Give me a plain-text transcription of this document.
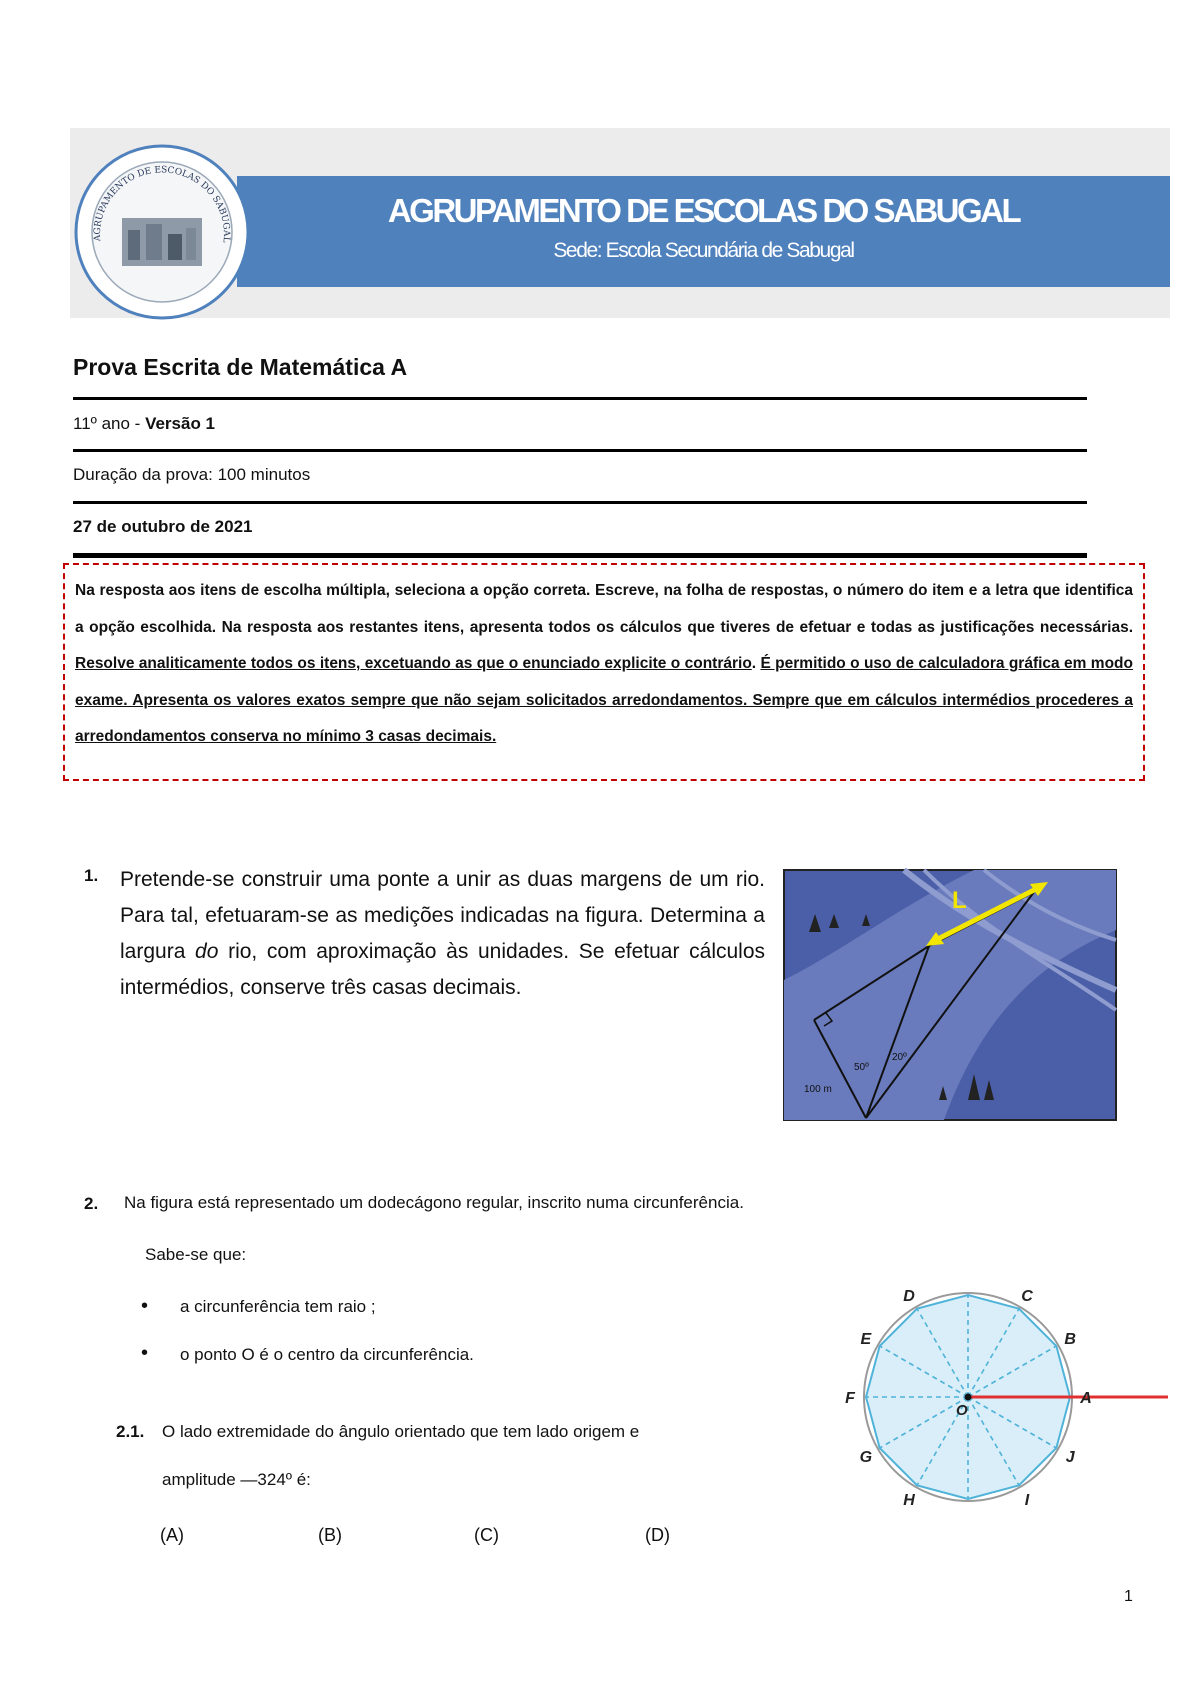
AGRUPAMENTO DE ESCOLAS DO SABUGAL
Sede: Escola Secundária de Sabugal
AGRUPAMENTO DE ESCOLAS DO SABUGAL
Prova Escrita de Matemática A
11º ano - Versão 1
Duração da prova: 100 minutos
27 de outubro de 2021
Na resposta aos itens de escolha múltipla, seleciona a opção correta. Escreve, na folha de respostas, o número do item e a letra que identifica a opção escolhida. Na resposta aos restantes itens, apresenta todos os cálculos que tiveres de efetuar e todas as justificações necessárias. Resolve analiticamente todos os itens, excetuando as que o enunciado explicite o contrário. É permitido o uso de calculadora gráfica em modo exame. Apresenta os valores exatos sempre que não sejam solicitados arredondamentos. Sempre que em cálculos intermédios procederes a arredondamentos conserva no mínimo 3 casas decimais.
1. Pretende-se construir uma ponte a unir as duas margens de um rio. Para tal, efetuaram-se as medições indicadas na figura. Determina a largura do rio, com aproximação às unidades. Se efetuar cálculos intermédios, conserve três casas decimais.
L
50º
20º
100 m
2. Na figura está representado um dodecágono regular, inscrito numa circunferência.
Sabe-se que:
• a circunferência tem raio ;
• o ponto O é o centro da circunferência.
2.1. O lado extremidade do ângulo orientado que tem lado origem e
amplitude —324º é:
(A)	(B)	(C)	(D)
A
B
C
D
E
F
G
H	I
J
O
1
